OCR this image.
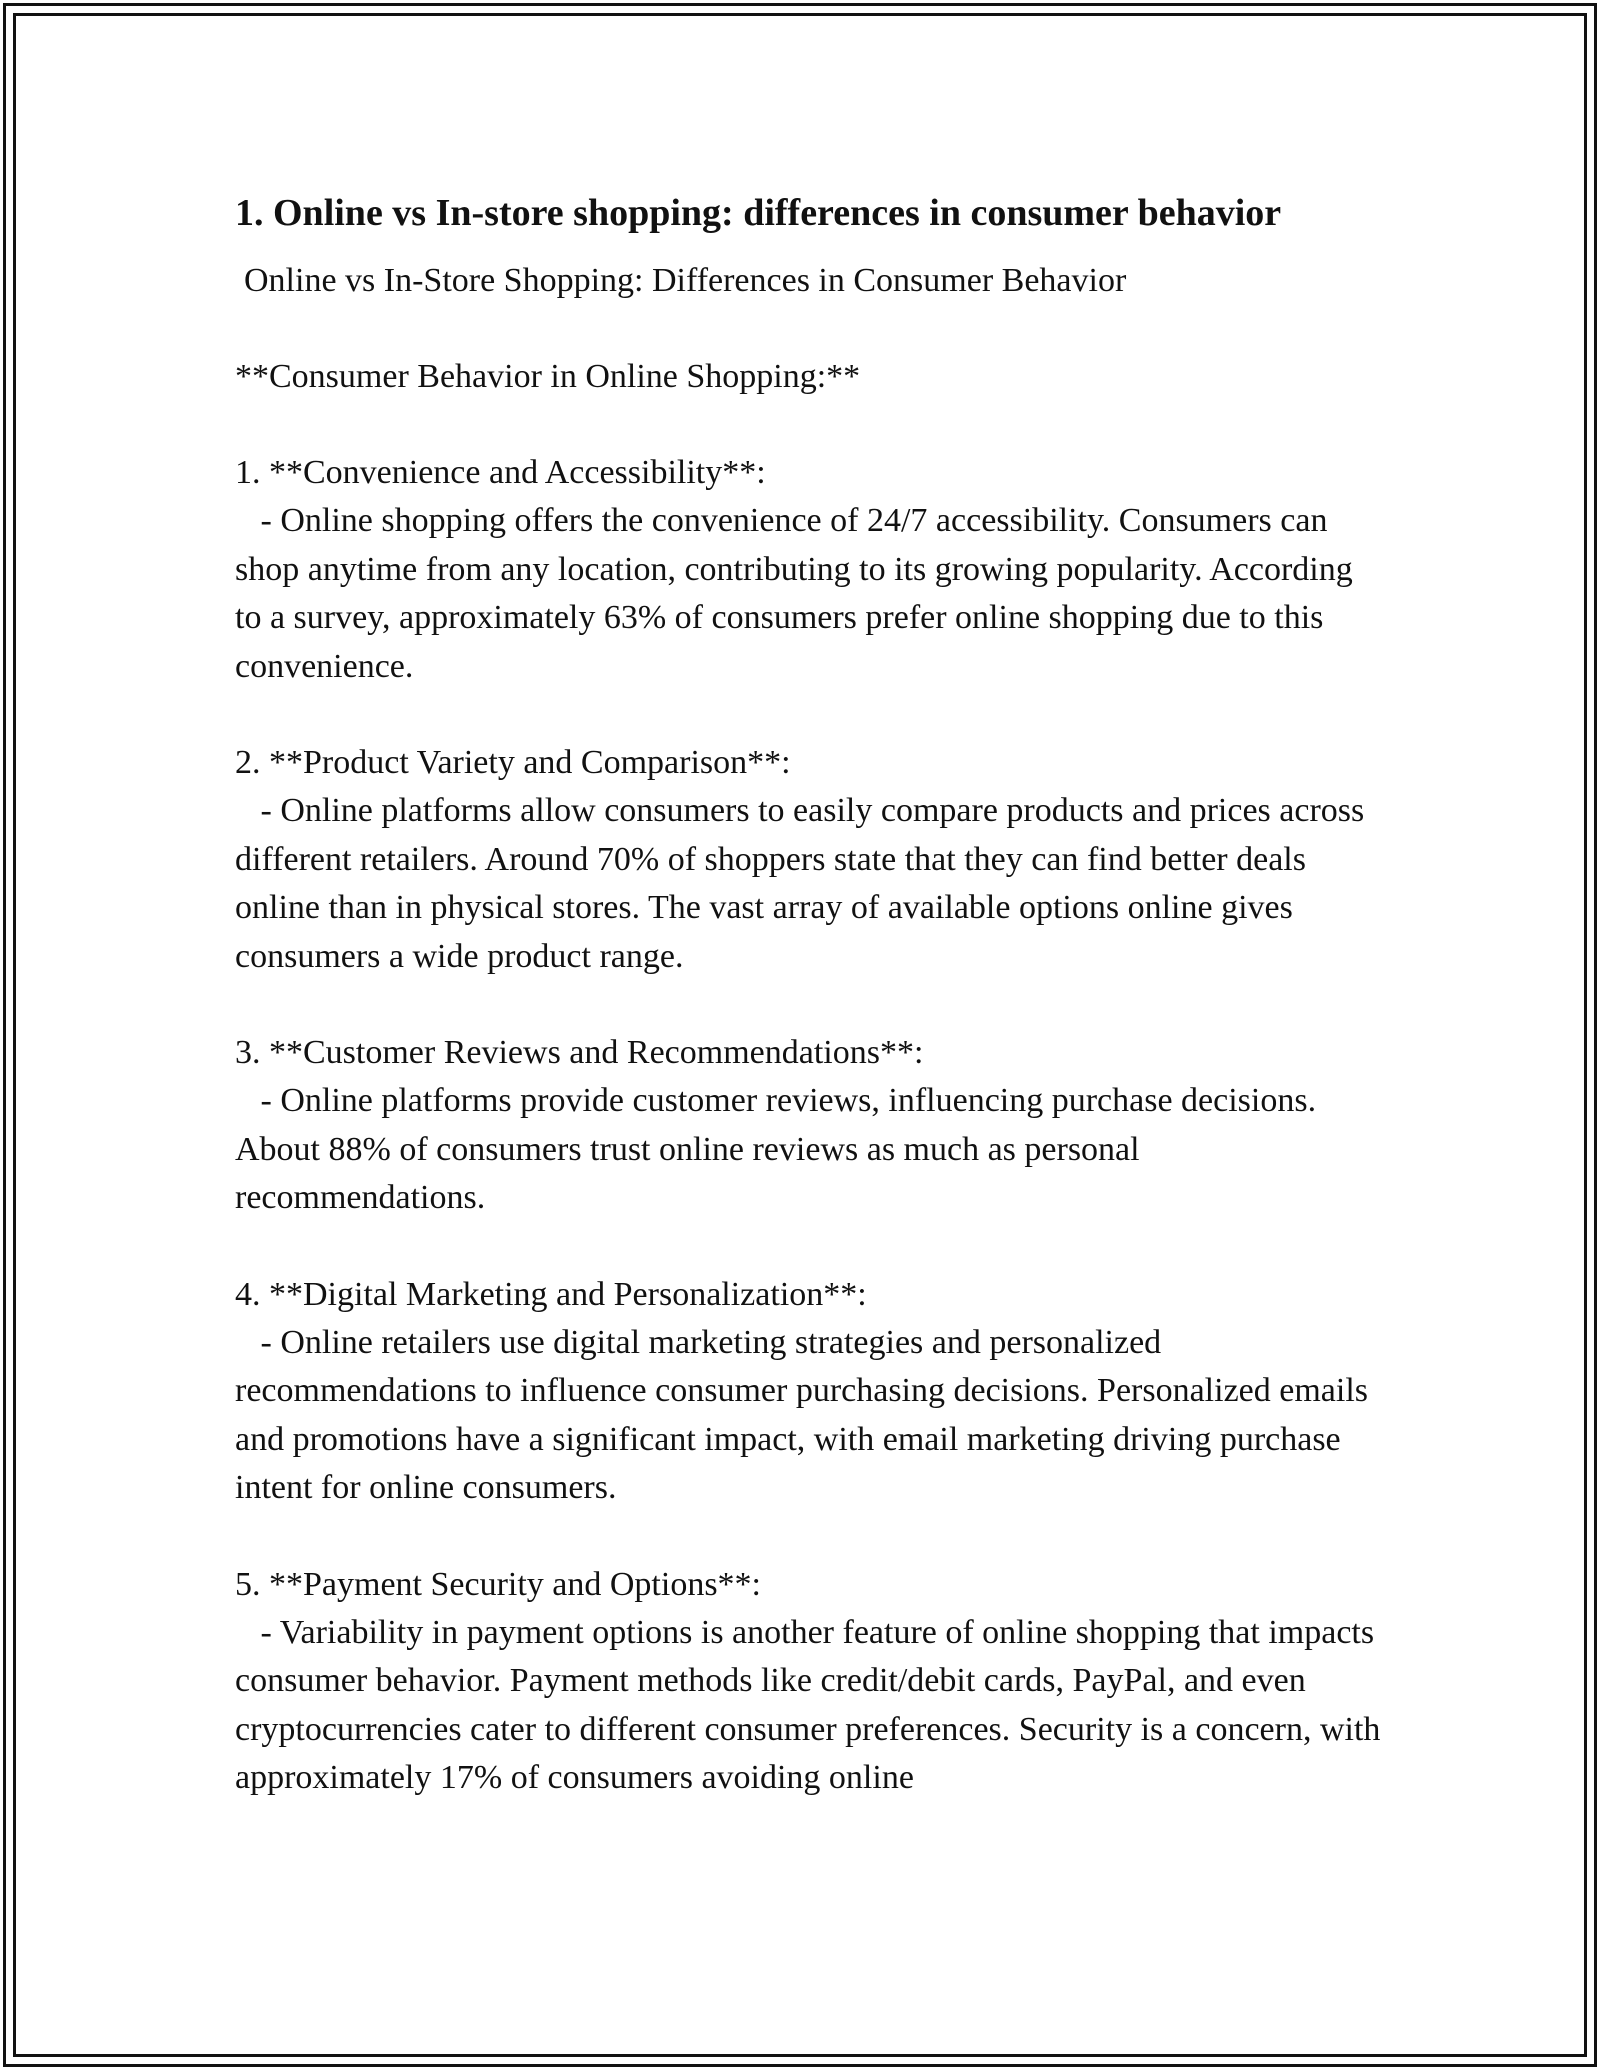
1. Online vs In-store shopping: differences in consumer behavior

Online vs In-Store Shopping: Differences in Consumer Behavior

**Consumer Behavior in Online Shopping:**

1. **Convenience and Accessibility**:

- Online shopping offers the convenience of 24/7 accessibility. Consumers can shop anytime from any location, contributing to its growing popularity. According to a survey, approximately 63% of consumers prefer online shopping due to this convenience.

2. **Product Variety and Comparison**:

- Online platforms allow consumers to easily compare products and prices across different retailers. Around 70% of shoppers state that they can find better deals online than in physical stores. The vast array of available options online gives consumers a wide product range.

3. **Customer Reviews and Recommendations**:

- Online platforms provide customer reviews, influencing purchase decisions. About 88% of consumers trust online reviews as much as personal recommendations.

4. **Digital Marketing and Personalization**:

- Online retailers use digital marketing strategies and personalized recommendations to influence consumer purchasing decisions. Personalized emails and promotions have a significant impact, with email marketing driving purchase intent for online consumers.

5. **Payment Security and Options**:

- Variability in payment options is another feature of online shopping that impacts consumer behavior. Payment methods like credit/debit cards, PayPal, and even cryptocurrencies cater to different consumer preferences. Security is a concern, with approximately 17% of consumers avoiding online
